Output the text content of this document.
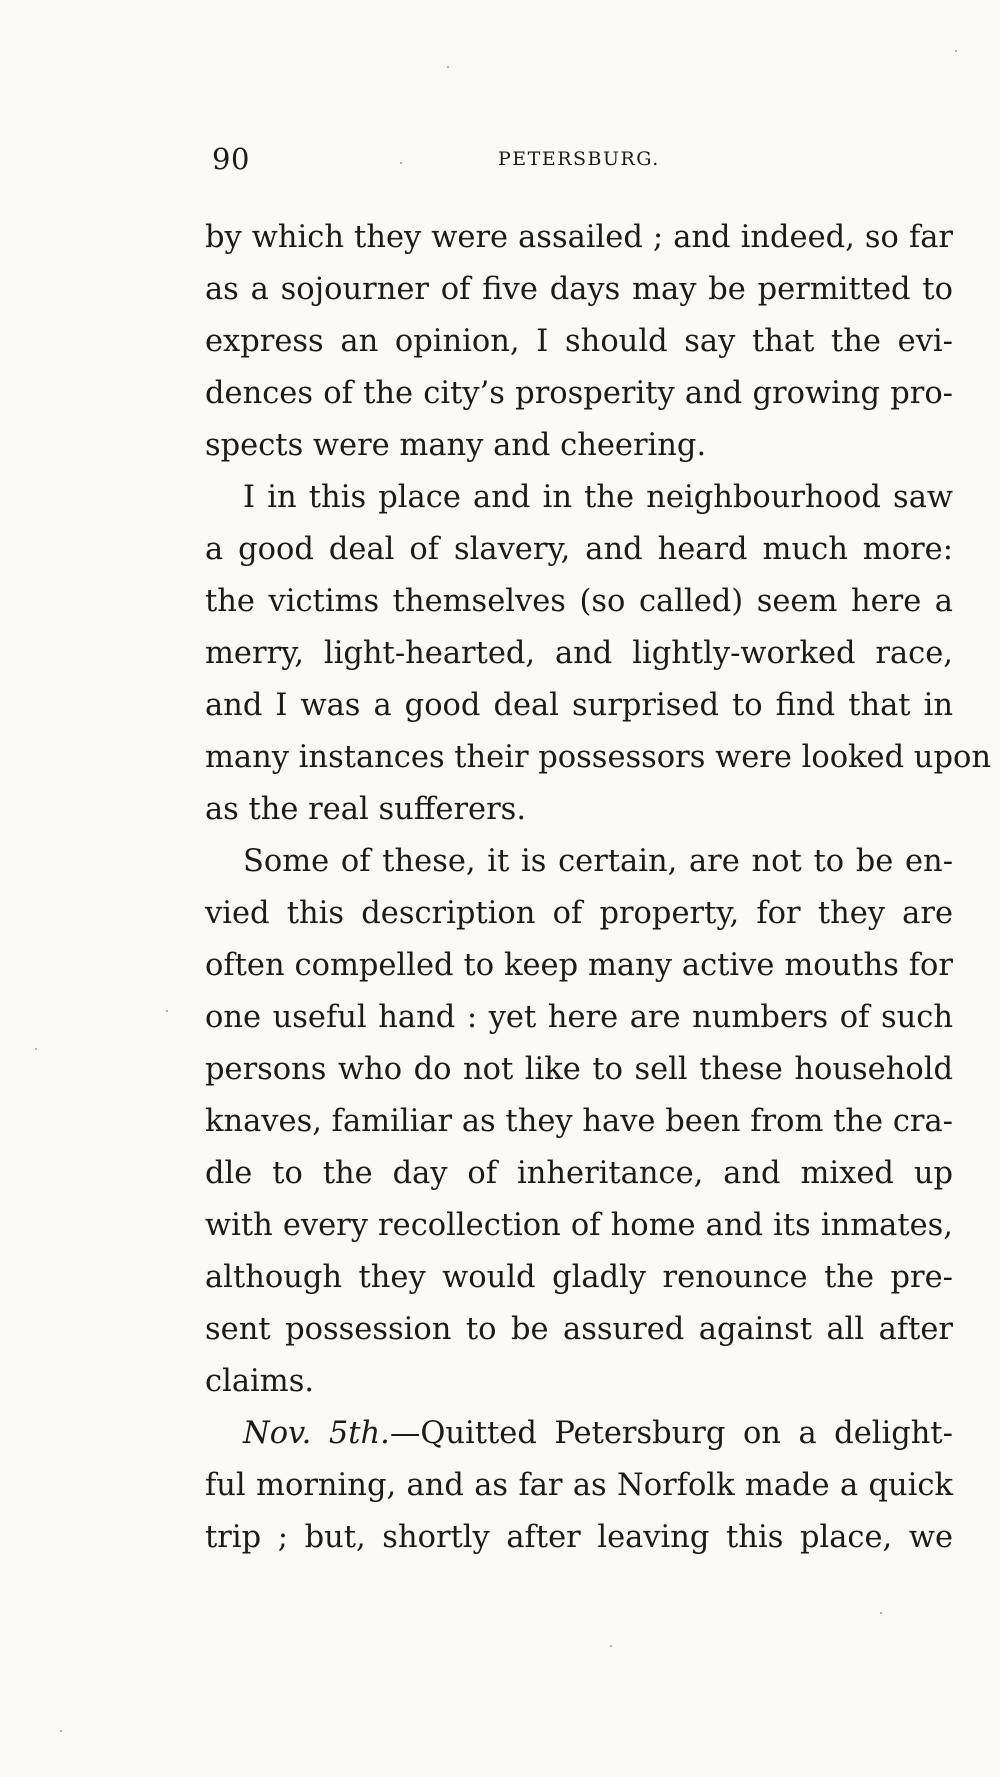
90	PETERSBURG.
by which they were assailed ; and indeed, so far
as a sojourner of five days may be permitted to
express an opinion, I should say that the evi-
dences of the city’s prosperity and growing pro-
spects were many and cheering.
I in this place and in the neighbourhood saw
a good deal of slavery, and heard much more:
the victims themselves (so called) seem here a
merry, light-hearted, and lightly-worked race,
and I was a good deal surprised to find that in
many instances their possessors were looked upon
as the real sufferers.
Some of these, it is certain, are not to be en-
vied this description of property, for they are
often compelled to keep many active mouths for
one useful hand : yet here are numbers of such
persons who do not like to sell these household
knaves, familiar as they have been from the cra-
dle to the day of inheritance, and mixed up
with every recollection of home and its inmates,
although they would gladly renounce the pre-
sent possession to be assured against all after
claims.
Nov. 5th.—Quitted Petersburg on a delight-
ful morning, and as far as Norfolk made a quick
trip ; but, shortly after leaving this place, we
